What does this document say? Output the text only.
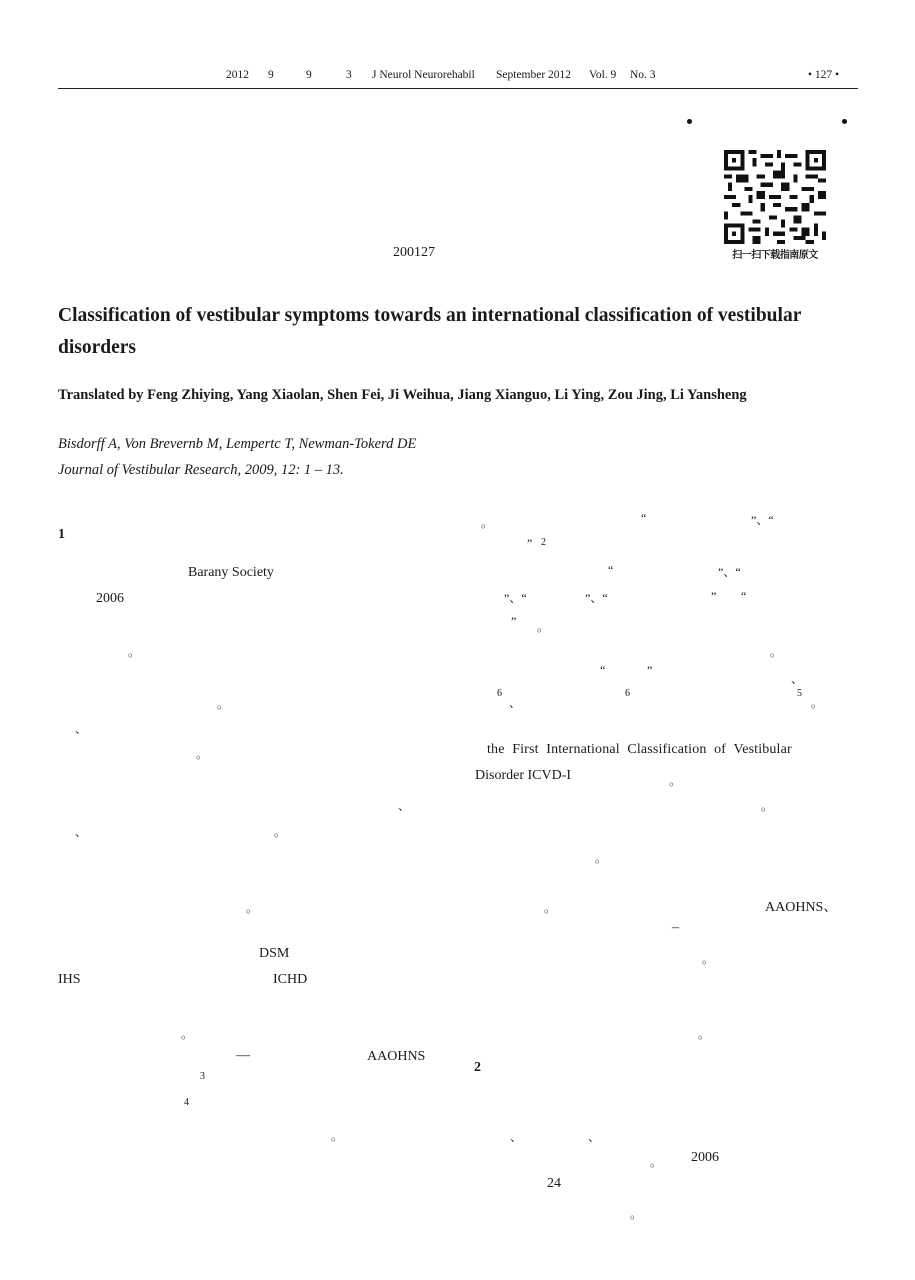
2012 9	9	3 J Neurol Neurorehabil September 2012 Vol. 9 No. 3	• 127 •
扫一扫下载指南原文
200127
Classification of vestibular symptoms towards an international classification of vestibular disorders
Translated by Feng Zhiying, Yang Xiaolan, Shen Fei, Ji Weihua, Jiang Xianguo, Li Ying, Zou Jing, Li Yansheng
Bisdorff A, Von Brevernb M, Lempertc T, Newman-Tokerd DE
Journal of Vestibular Research, 2009, 12: 1 – 13.
1
Barany Society
2006
。
。
、
。
、
、	。
。
DSM
IHS	ICHD
。
—	AAOHNS
3
4
。
。	“	”、“
” 2
“	”、“
”、“	”、“	” “
” 。
。
“	”
、
6
、
6	5
。
the First International Classification of Vestibular
Disorder ICVD-I	。
。
。
。	AAOHNS、
–
。
。
2
、	、
。 2006
24
。
